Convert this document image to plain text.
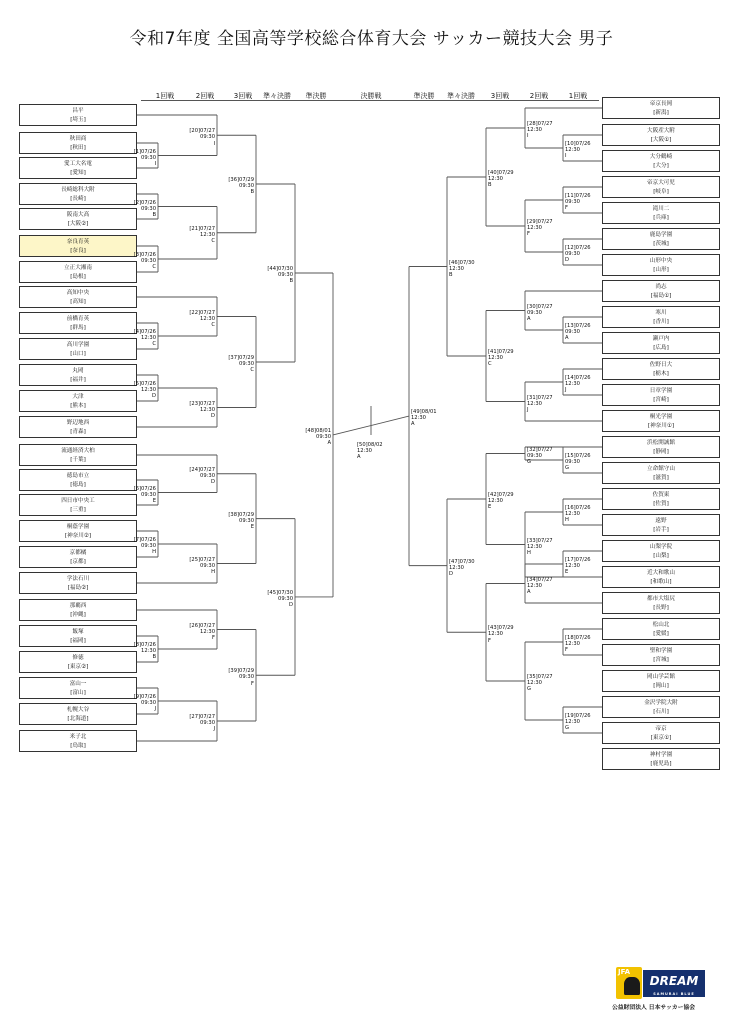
令和7年度 全国高等学校総合体育大会 サッカー競技大会 男子
1回戦	2回戦	3回戦	準々決勝	準決勝	決勝戦	準決勝	準々決勝	3回戦	2回戦	1回戦
昌平
[埼玉]
秋田商
[秋田]
愛工大名電
[愛知]
長崎総科大附
[長崎]
阪南大高
[大阪②]
奈良育英
[奈良]
立正大湘南
[島根]
高知中央
[高知]
前橋育英
[群馬]
高川学園
[山口]
丸岡
[福井]
大津
[熊本]
野辺地西
[青森]
流通経済大柏
[千葉]
徳島市立
[徳島]
四日市中央工
[三重]
桐蔭学園
[神奈川②]
京都橘
[京都]
学法石川
[福島②]
那覇西
[沖縄]
飯塚
[福岡]
修徳
[東京②]
富山一
[富山]
札幌大谷
[北海道]
米子北
[鳥取]
帝京長岡
[新潟]
大阪産大附
[大阪①]
大分鶴崎
[大分]
帝京大可児
[岐阜]
滝川二
[兵庫]
鹿島学園
[茨城]
山形中央
[山形]
尚志
[福島①]
寒川
[香川]
瀬戸内
[広島]
佐野日大
[栃木]
日章学園
[宮崎]
桐光学園
[神奈川①]
浜松開誠館
[静岡]
立命館守山
[滋賀]
佐賀東
[佐賀]
遠野
[岩手]
山梨学院
[山梨]
近大和歌山
[和歌山]
都市大塩尻
[長野]
松山北
[愛媛]
聖和学園
[宮城]
岡山学芸館
[岡山]
金沢学院大附
[石川]
帝京
[東京①]
神村学園
[鹿児島]
[1]07/26
09:30
I
[2]07/26
09:30
B
[3]07/26
09:30
C
[4]07/26
12:30
C
[5]07/26
12:30
D
[6]07/26
09:30
E
[7]07/26
09:30
H
[8]07/26
12:30
B
[9]07/26
09:30
J
[20]07/27
09:30
I
[21]07/27
12:30
C
[22]07/27
12:30
C
[23]07/27
12:30
D
[24]07/27
09:30
D
[25]07/27
09:30
H
[26]07/27
12:30
F
[27]07/27
09:30
J
[36]07/29
09:30
B
[37]07/29
09:30
C
[38]07/29
09:30
E
[39]07/29
09:30
F
[44]07/30
09:30
B
[45]07/30
09:30
D
[48]08/01
09:30
A
[10]07/26
12:30
I
[11]07/26
09:30
F
[12]07/26
09:30
D
[13]07/26
09:30
A
[14]07/26
12:30
J
[15]07/26
09:30
G
[16]07/26
12:30
H
[17]07/26
12:30
E
[18]07/26
12:30
F
[19]07/26
12:30
G
[28]07/27
12:30
I
[29]07/27
12:30
F
[30]07/27
09:30
A
[31]07/27
12:30
J
[32]07/27
09:30
G
[33]07/27
12:30
H
[34]07/27
12:30
A
[35]07/27
12:30
G
[40]07/29
12:30
B
[41]07/29
12:30
C
[42]07/29
12:30
E
[43]07/29
12:30
F
[46]07/30
12:30
B
[47]07/30
12:30
D
[49]08/01
12:30
A
[50]08/02
12:30
A
JFA
DREAM
SAMURAI BLUE
公益財団法人 日本サッカー協会
